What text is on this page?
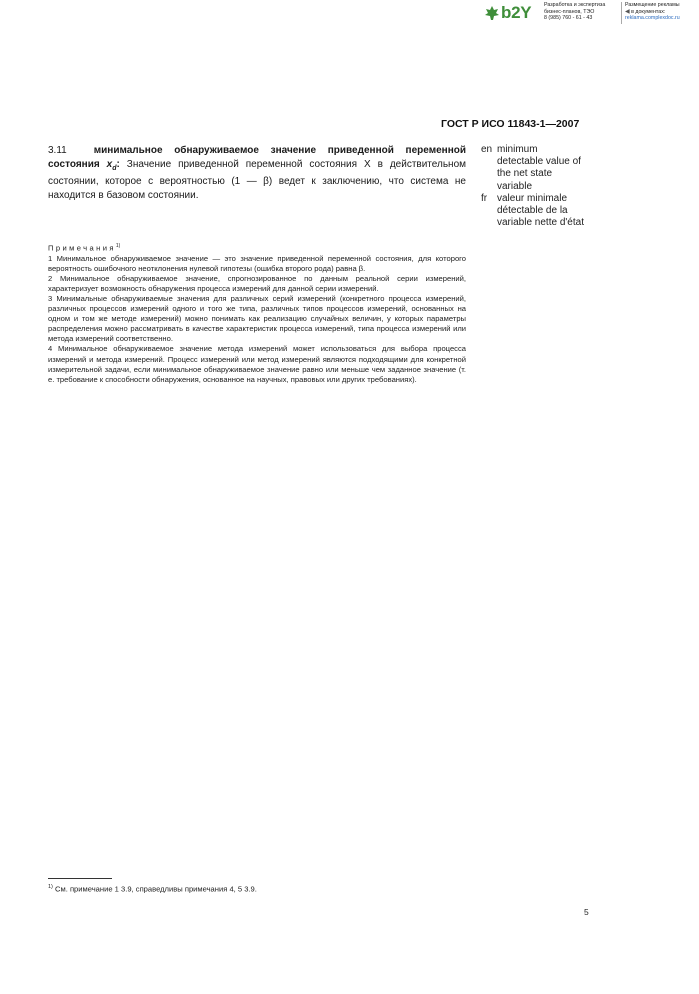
b2Y Разработка и экспертиза
бизнес-планов, ТЭО
8 (985) 760 - 61 - 43
Размещение рекламы
◀ в документах:
reklama.complexdoc.ru
ГОСТ Р ИСО 11843-1—2007
3.11	минимальное обнаруживаемое значение приведенной переменной состояния $x_d$: Значение приведенной переменной состояния X в действительном состоянии, которое с вероятностью (1 — β) ведет к заключению, что система не находится в базовом состоянии.
en minimum
detectable value of
the net state
variable
fr valeur minimale
détectable de la
variable nette d'état

Примечания$^{1)}$

1 Минимальное обнаруживаемое значение — это значение приведенной переменной состояния, для которого вероятность ошибочного неотклонения нулевой гипотезы (ошибка второго рода) равна β.

2 Минимальное обнаруживаемое значение, спрогнозированное по данным реальной серии измерений, характеризует возможность обнаружения процесса измерений для данной серии измерений.

3 Минимальные обнаруживаемые значения для различных серий измерений (конкретного процесса измерений, различных процессов измерений одного и того же типа, различных типов процессов измерений, основанных на одном и том же методе измерений) можно понимать как реализацию случайных величин, у которых параметры распределения можно рассматривать в качестве характеристик процесса измерений, типа процесса измерений или метода измерений соответственно.

4 Минимальное обнаруживаемое значение метода измерений может использоваться для выбора процесса измерений и метода измерений. Процесс измерений или метод измерений являются подходящими для конкретной измерительной задачи, если минимальное обнаруживаемое значение равно или меньше чем заданное значение (т. е. требование к способности обнаружения, основанное на научных, правовых или других требованиях).

$^{1)}$ См. примечание 1 3.9, справедливы примечания 4, 5 3.9.
5
